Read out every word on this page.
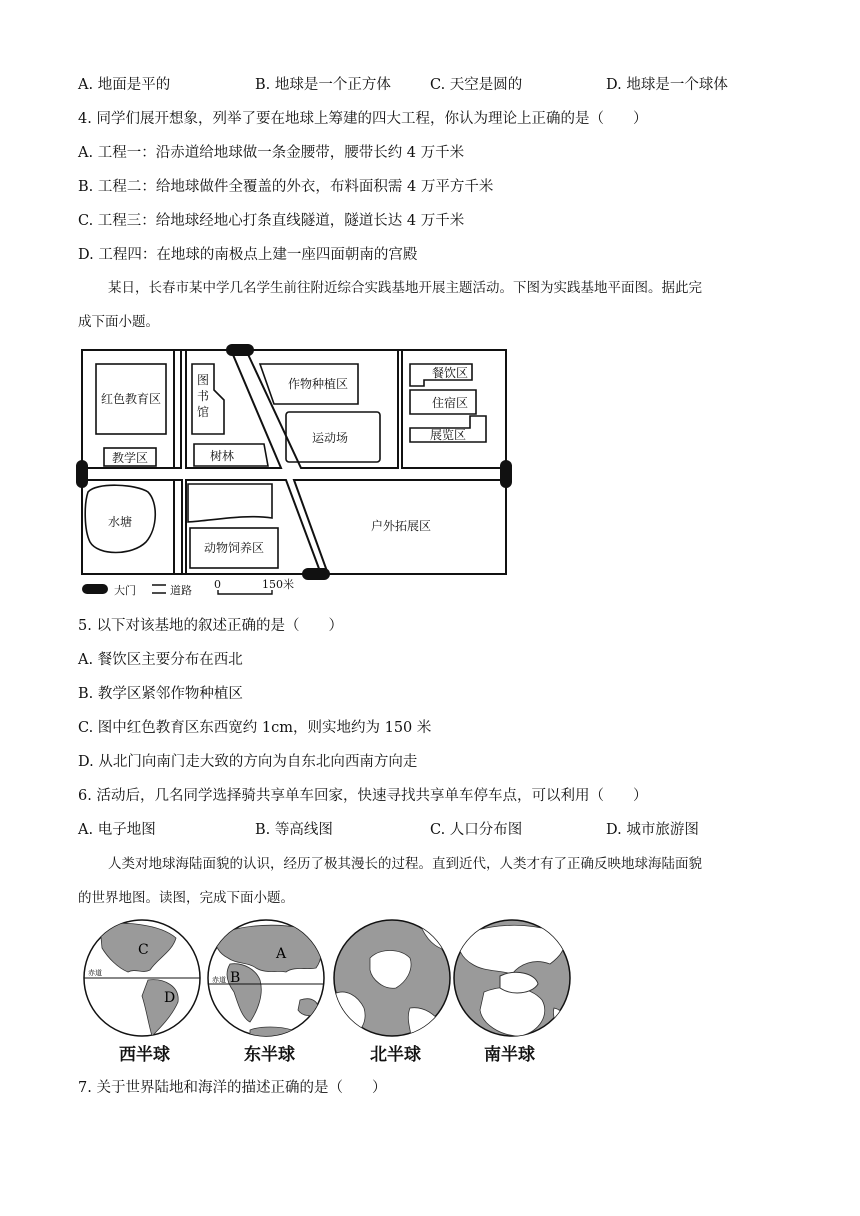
A. 地面是平的	B. 地球是一个正方体	C. 天空是圆的	D. 地球是一个球体
4. 同学们展开想象，列举了要在地球上筹建的四大工程，你认为理论上正确的是（　　）
A. 工程一：沿赤道给地球做一条金腰带，腰带长约 4 万千米
B. 工程二：给地球做件全覆盖的外衣，布料面积需 4 万平方千米
C. 工程三：给地球经地心打条直线隧道，隧道长达 4 万千米
D. 工程四：在地球的南极点上建一座四面朝南的宫殿
某日，长春市某中学几名学生前往附近综合实践基地开展主题活动。下图为实践基地平面图。据此完
成下面小题。
红色教育区
图
书
馆
作物种植区
运动场
餐饮区
住宿区
展览区
教学区	树林
水塘
动物饲养区
户外拓展区
大门	道路 0	150米
5. 以下对该基地的叙述正确的是（　　）
A. 餐饮区主要分布在西北
B. 教学区紧邻作物种植区
C. 图中红色教育区东西宽约 1cm，则实地约为 150 米
D. 从北门向南门走大致的方向为自东北向西南方向走
6. 活动后，几名同学选择骑共享单车回家，快速寻找共享单车停车点，可以利用（　　）
A. 电子地图	B. 等高线图	C. 人口分布图	D. 城市旅游图
人类对地球海陆面貌的认识，经历了极其漫长的过程。直到近代，人类才有了正确反映地球海陆面貌
的世界地图。读图，完成下面小题。
赤道
C
D
赤道
A
B
西半球	东半球	北半球	南半球
7. 关于世界陆地和海洋的描述正确的是（　　）
